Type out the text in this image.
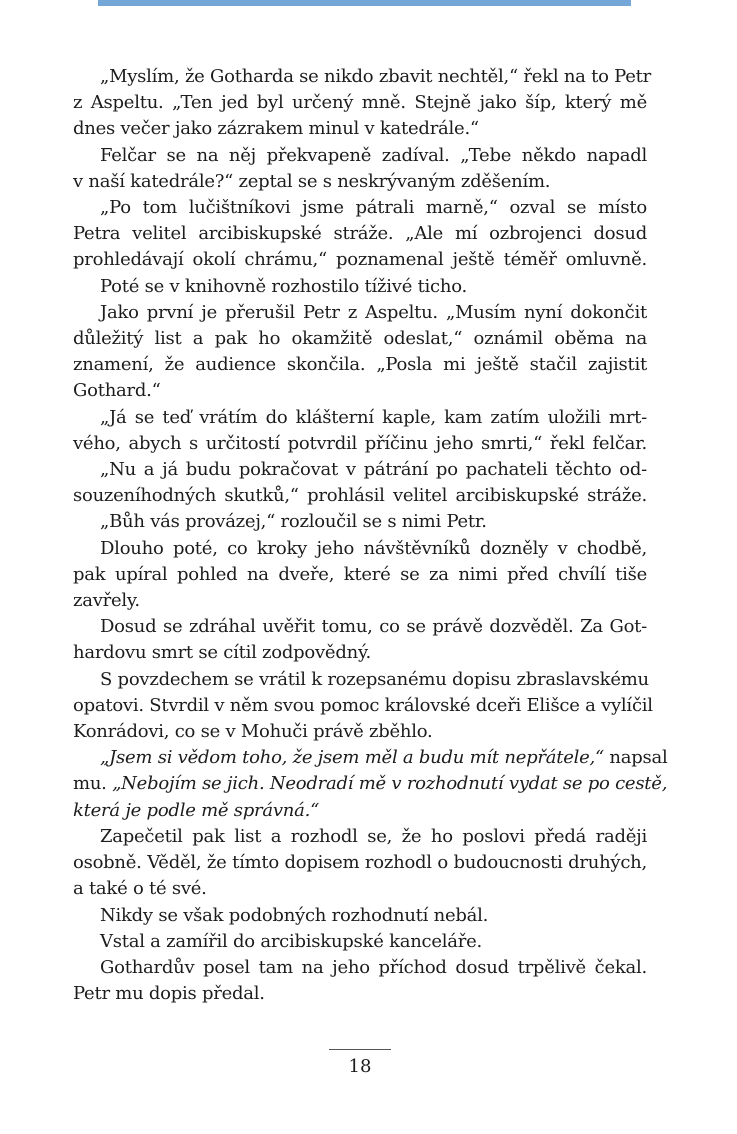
„Myslím, že Gotharda se nikdo zbavit nechtěl,“ řekl na to Petr
z Aspeltu. „Ten jed byl určený mně. Stejně jako šíp, který mě
dnes večer jako zázrakem minul v katedrále.“
Felčar se na něj překvapeně zadíval. „Tebe někdo napadl
v naší katedrále?“ zeptal se s neskrývaným zděšením.
„Po tom lučištníkovi jsme pátrali marně,“ ozval se místo
Petra velitel arcibiskupské stráže. „Ale mí ozbrojenci dosud
prohledávají okolí chrámu,“ poznamenal ještě téměř omluvně.
Poté se v knihovně rozhostilo tíživé ticho.
Jako první je přerušil Petr z Aspeltu. „Musím nyní dokončit
důležitý list a pak ho okamžitě odeslat,“ oznámil oběma na
znamení, že audience skončila. „Posla mi ještě stačil zajistit
Gothard.“
„Já se teď vrátím do klášterní kaple, kam zatím uložili mrt-
vého, abych s určitostí potvrdil příčinu jeho smrti,“ řekl felčar.
„Nu a já budu pokračovat v pátrání po pachateli těchto od-
souzeníhodných skutků,“ prohlásil velitel arcibiskupské stráže.
„Bůh vás provázej,“ rozloučil se s nimi Petr.
Dlouho poté, co kroky jeho návštěvníků dozněly v chodbě,
pak upíral pohled na dveře, které se za nimi před chvílí tiše
zavřely.
Dosud se zdráhal uvěřit tomu, co se právě dozvěděl. Za Got-
hardovu smrt se cítil zodpovědný.
S povzdechem se vrátil k rozepsanému dopisu zbraslavskému
opatovi. Stvrdil v něm svou pomoc královské dceři Elišce a vylíčil
Konrádovi, co se v Mohuči právě zběhlo.
„Jsem si vědom toho, že jsem měl a budu mít nepřátele,“ napsal
mu. „Nebojím se jich. Neodradí mě v rozhodnutí vydat se po cestě,
která je podle mě správná.“
Zapečetil pak list a rozhodl se, že ho poslovi předá raději
osobně. Věděl, že tímto dopisem rozhodl o budoucnosti druhých,
a také o té své.
Nikdy se však podobných rozhodnutí nebál.
Vstal a zamířil do arcibiskupské kanceláře.
Gothardův posel tam na jeho příchod dosud trpělivě čekal.
Petr mu dopis předal.
18
